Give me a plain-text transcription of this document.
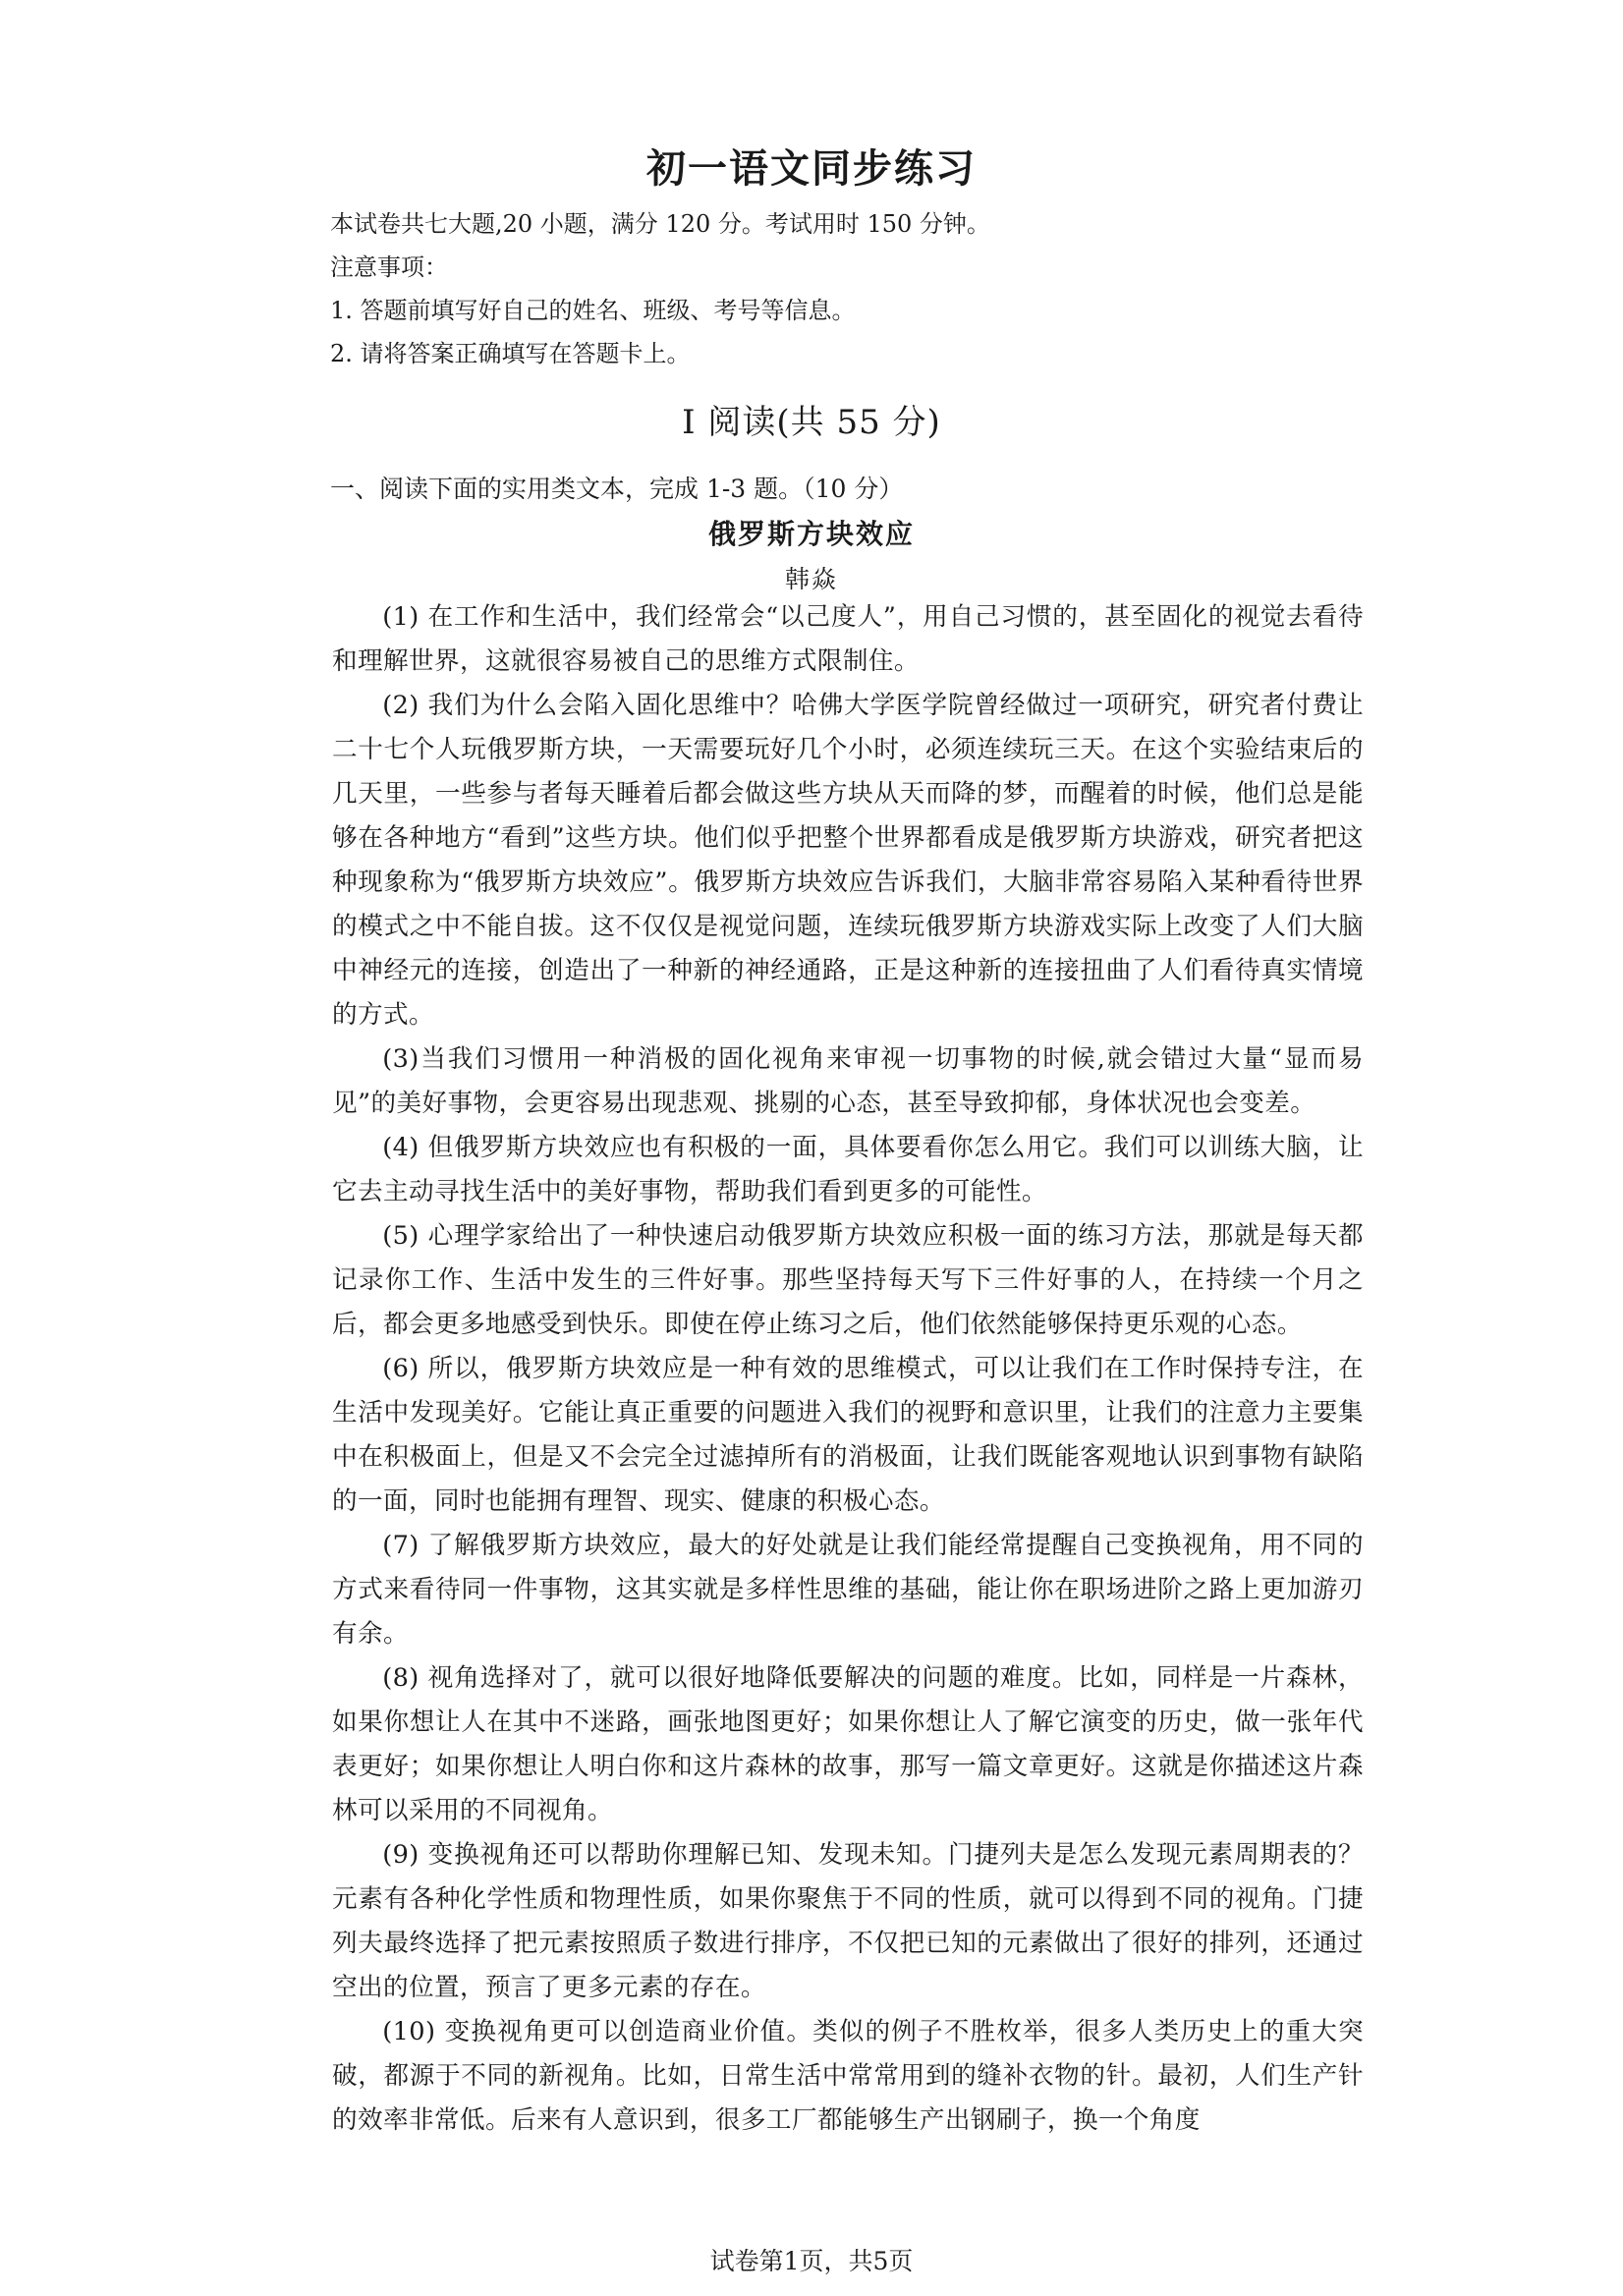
初一语文同步练习
本试卷共七大题,20 小题，满分 120 分。考试用时 150 分钟。
注意事项：
1. 答题前填写好自己的姓名、班级、考号等信息。
2. 请将答案正确填写在答题卡上。
Ⅰ 阅读(共 55 分)
一、阅读下面的实用类文本，完成 1-3 题。（10 分）
俄罗斯方块效应
韩焱

(1) 在工作和生活中，我们经常会“以己度人”，用自己习惯的，甚至固化的视觉去看待和理解世界，这就很容易被自己的思维方式限制住。

(2) 我们为什么会陷入固化思维中？哈佛大学医学院曾经做过一项研究，研究者付费让二十七个人玩俄罗斯方块，一天需要玩好几个小时，必须连续玩三天。在这个实验结束后的几天里，一些参与者每天睡着后都会做这些方块从天而降的梦，而醒着的时候，他们总是能够在各种地方“看到”这些方块。他们似乎把整个世界都看成是俄罗斯方块游戏，研究者把这种现象称为“俄罗斯方块效应”。俄罗斯方块效应告诉我们，大脑非常容易陷入某种看待世界的模式之中不能自拔。这不仅仅是视觉问题，连续玩俄罗斯方块游戏实际上改变了人们大脑中神经元的连接，创造出了一种新的神经通路，正是这种新的连接扭曲了人们看待真实情境的方式。

(3)当我们习惯用一种消极的固化视角来审视一切事物的时候,就会错过大量“显而易见”的美好事物，会更容易出现悲观、挑剔的心态，甚至导致抑郁，身体状况也会变差。

(4) 但俄罗斯方块效应也有积极的一面，具体要看你怎么用它。我们可以训练大脑，让它去主动寻找生活中的美好事物，帮助我们看到更多的可能性。

(5) 心理学家给出了一种快速启动俄罗斯方块效应积极一面的练习方法，那就是每天都记录你工作、生活中发生的三件好事。那些坚持每天写下三件好事的人，在持续一个月之后，都会更多地感受到快乐。即使在停止练习之后，他们依然能够保持更乐观的心态。

(6) 所以，俄罗斯方块效应是一种有效的思维模式，可以让我们在工作时保持专注，在生活中发现美好。它能让真正重要的问题进入我们的视野和意识里，让我们的注意力主要集中在积极面上，但是又不会完全过滤掉所有的消极面，让我们既能客观地认识到事物有缺陷的一面，同时也能拥有理智、现实、健康的积极心态。

(7) 了解俄罗斯方块效应，最大的好处就是让我们能经常提醒自己变换视角，用不同的方式来看待同一件事物，这其实就是多样性思维的基础，能让你在职场进阶之路上更加游刃有余。

(8) 视角选择对了，就可以很好地降低要解决的问题的难度。比如，同样是一片森林，如果你想让人在其中不迷路，画张地图更好；如果你想让人了解它演变的历史，做一张年代表更好；如果你想让人明白你和这片森林的故事，那写一篇文章更好。这就是你描述这片森林可以采用的不同视角。

(9) 变换视角还可以帮助你理解已知、发现未知。门捷列夫是怎么发现元素周期表的？元素有各种化学性质和物理性质，如果你聚焦于不同的性质，就可以得到不同的视角。门捷列夫最终选择了把元素按照质子数进行排序，不仅把已知的元素做出了很好的排列，还通过空出的位置，预言了更多元素的存在。

(10) 变换视角更可以创造商业价值。类似的例子不胜枚举，很多人类历史上的重大突破，都源于不同的新视角。比如，日常生活中常常用到的缝补衣物的针。最初，人们生产针的效率非常低。后来有人意识到，很多工厂都能够生产出钢刷子，换一个角度

试卷第1页，共5页
